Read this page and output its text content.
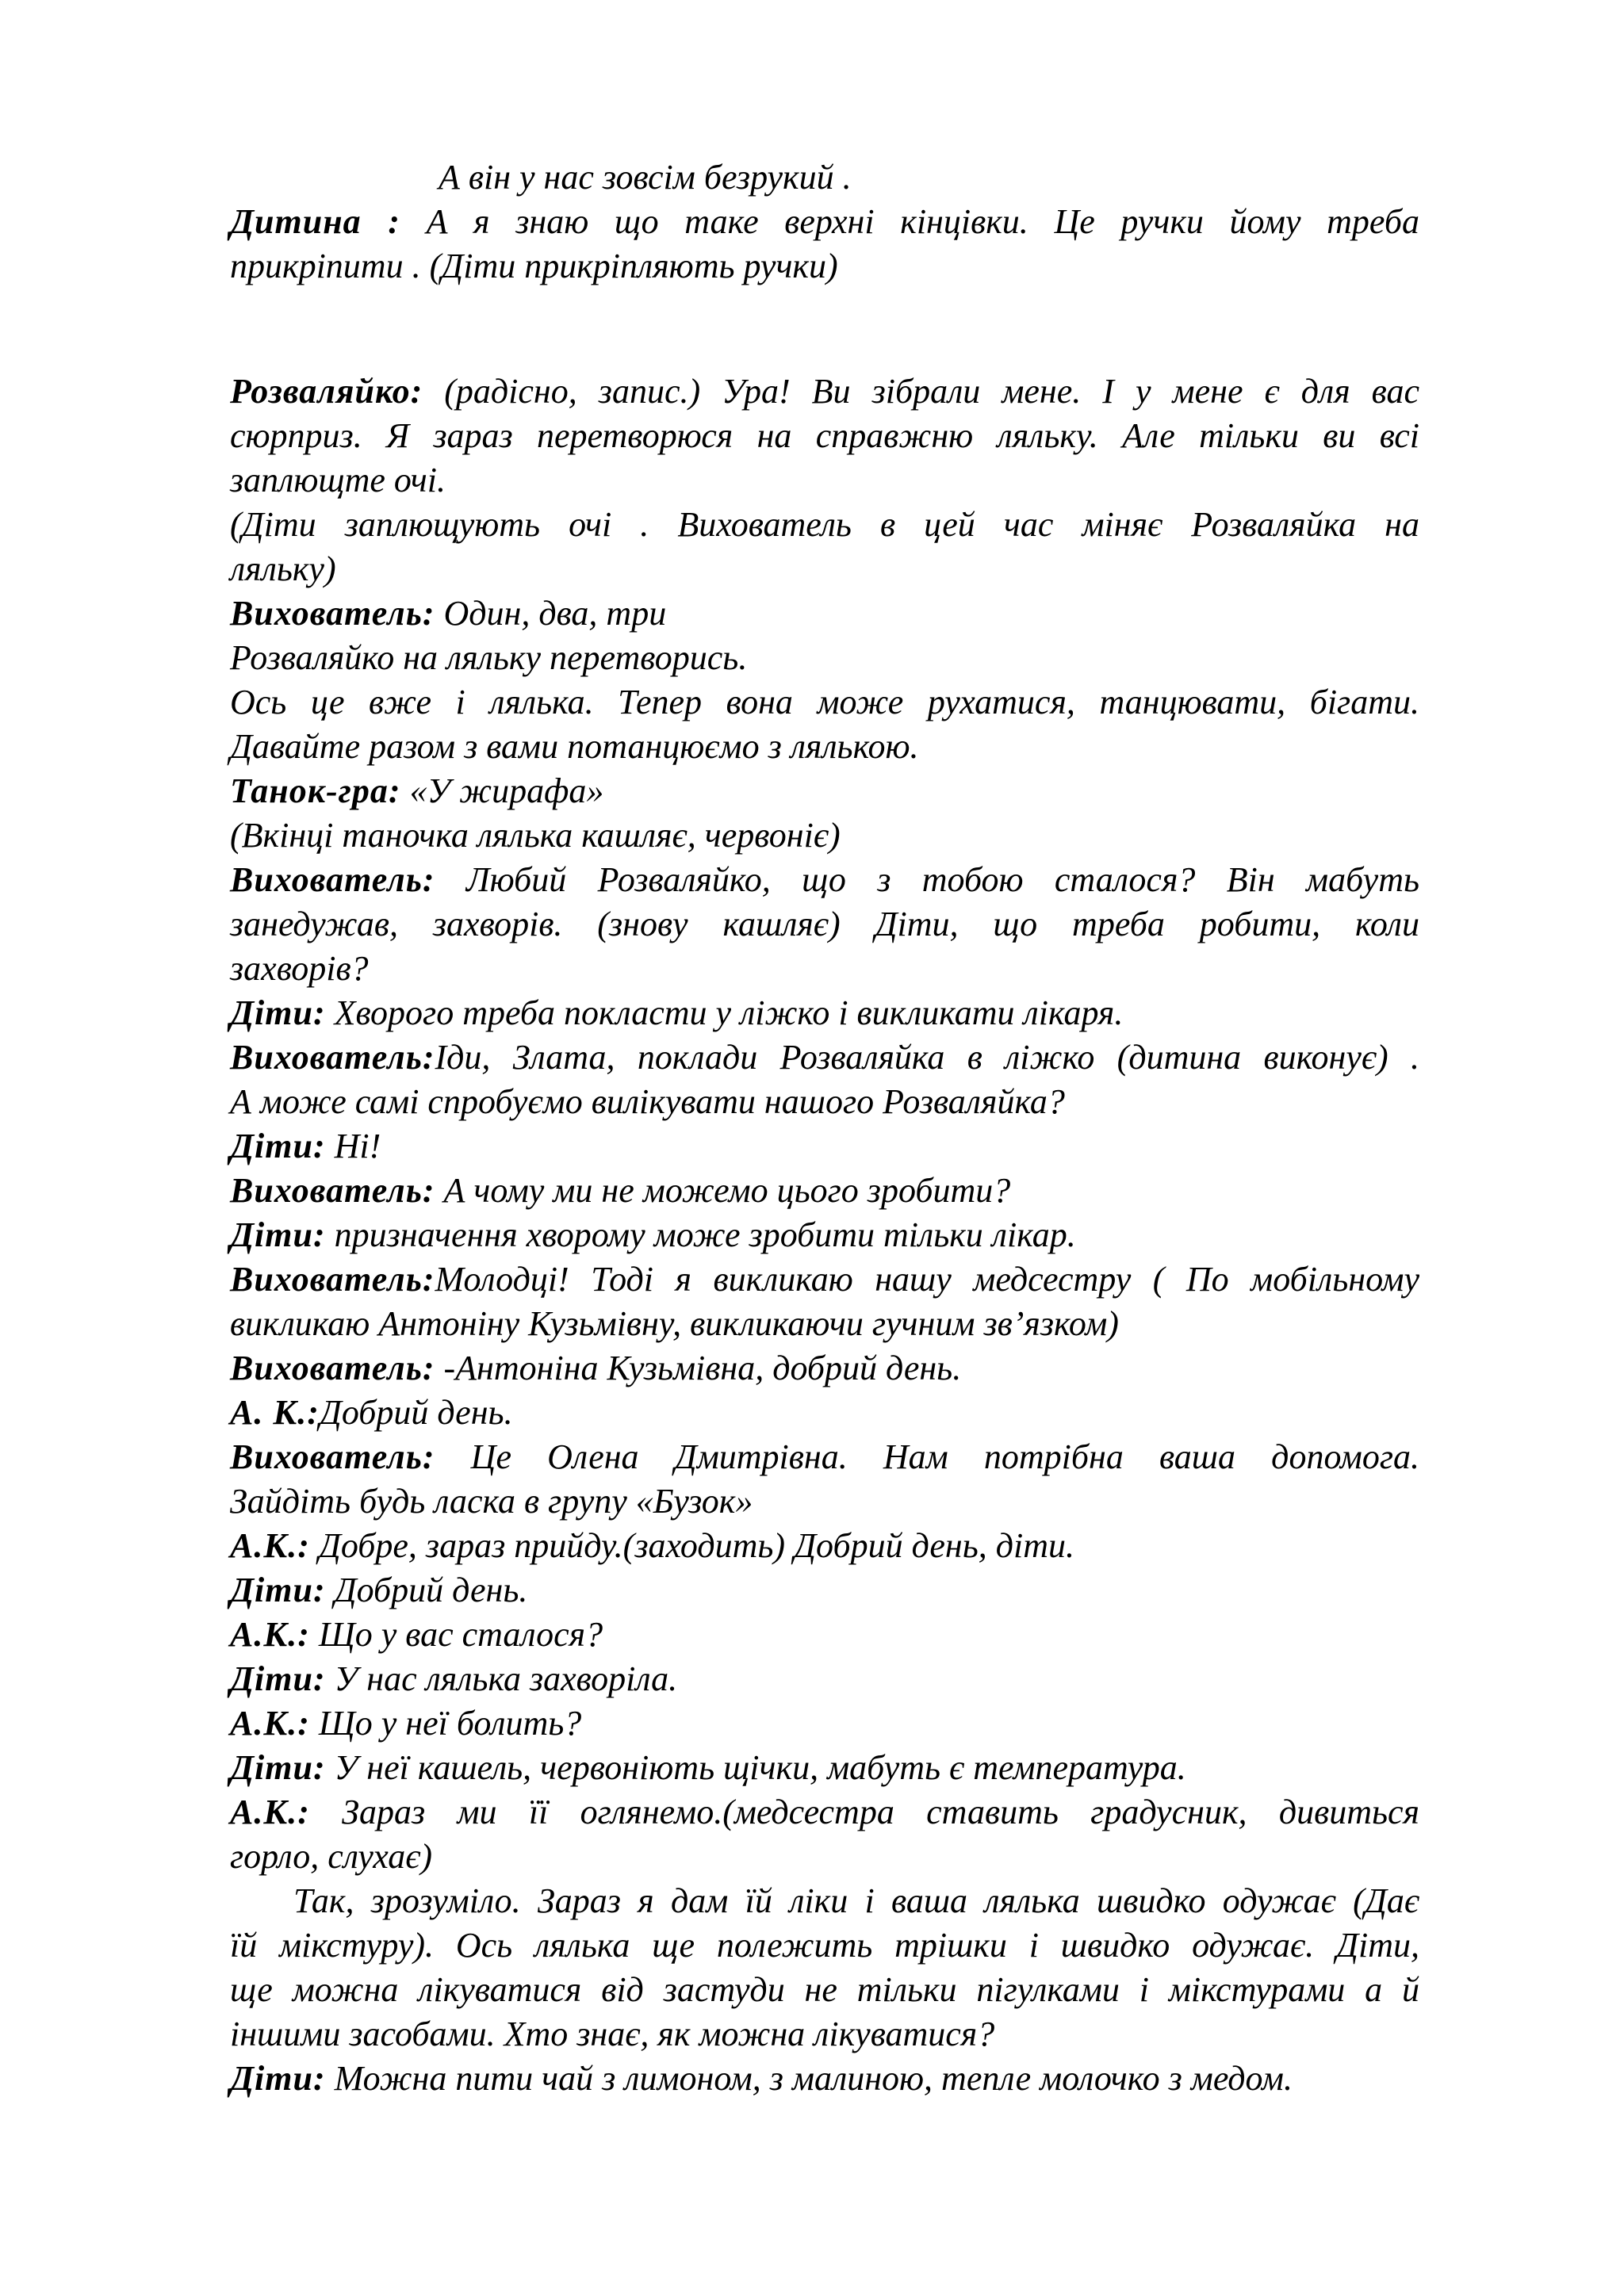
А він у нас зовсім безрукий .
Дитина : А я знаю що таке верхні кінцівки. Це ручки йому треба
прикріпити . (Діти прикріпляють ручки)
Розваляйко: (радісно, запис.) Ура! Ви зібрали мене. І у мене є для вас
сюрприз. Я зараз перетворюся на справжню ляльку. Але тільки ви всі
заплющте очі.
(Діти заплющують очі . Вихователь в цей час міняє Розваляйка на
ляльку)
Вихователь: Один, два, три
Розваляйко на ляльку перетворись.
Ось це вже і лялька. Тепер вона може рухатися, танцювати, бігати.
Давайте разом з вами потанцюємо з лялькою.
Танок-гра: «У жирафа»
(Вкінці таночка лялька кашляє, червоніє)
Вихователь: Любий Розваляйко, що з тобою сталося? Він мабуть
занедужав, захворів. (знову кашляє) Діти, що треба робити, коли
захворів?
Діти: Хворого треба покласти у ліжко і викликати лікаря.
Вихователь:Іди, Злата, поклади Розваляйка в ліжко (дитина виконує) .
А може самі спробуємо вилікувати нашого Розваляйка?
Діти: Ні!
Вихователь: А чому ми не можемо цього зробити?
Діти: призначення хворому може зробити тільки лікар.
Вихователь:Молодці! Тоді я викликаю нашу медсестру ( По мобільному
викликаю Антоніну Кузьмівну, викликаючи гучним зв’язком)
Вихователь: -Антоніна Кузьмівна, добрий день.
А. К.:Добрий день.
Вихователь: Це Олена Дмитрівна. Нам потрібна ваша допомога.
Зайдіть будь ласка в групу «Бузок»
А.К.: Добре, зараз прийду.(заходить) Добрий день, діти.
Діти: Добрий день.
А.К.: Що у вас сталося?
Діти: У нас лялька захворіла.
А.К.: Що у неї болить?
Діти: У неї кашель, червоніють щічки, мабуть є температура.
А.К.: Зараз ми її оглянемо.(медсестра ставить градусник, дивиться
горло, слухає)
Так, зрозуміло. Зараз я дам їй ліки і ваша лялька швидко одужає (Дає
їй мікстуру). Ось лялька ще полежить трішки і швидко одужає. Діти,
ще можна лікуватися від застуди не тільки пігулками і мікстурами а й
іншими засобами. Хто знає, як можна лікуватися?
Діти: Можна пити чай з лимоном, з малиною, тепле молочко з медом.
